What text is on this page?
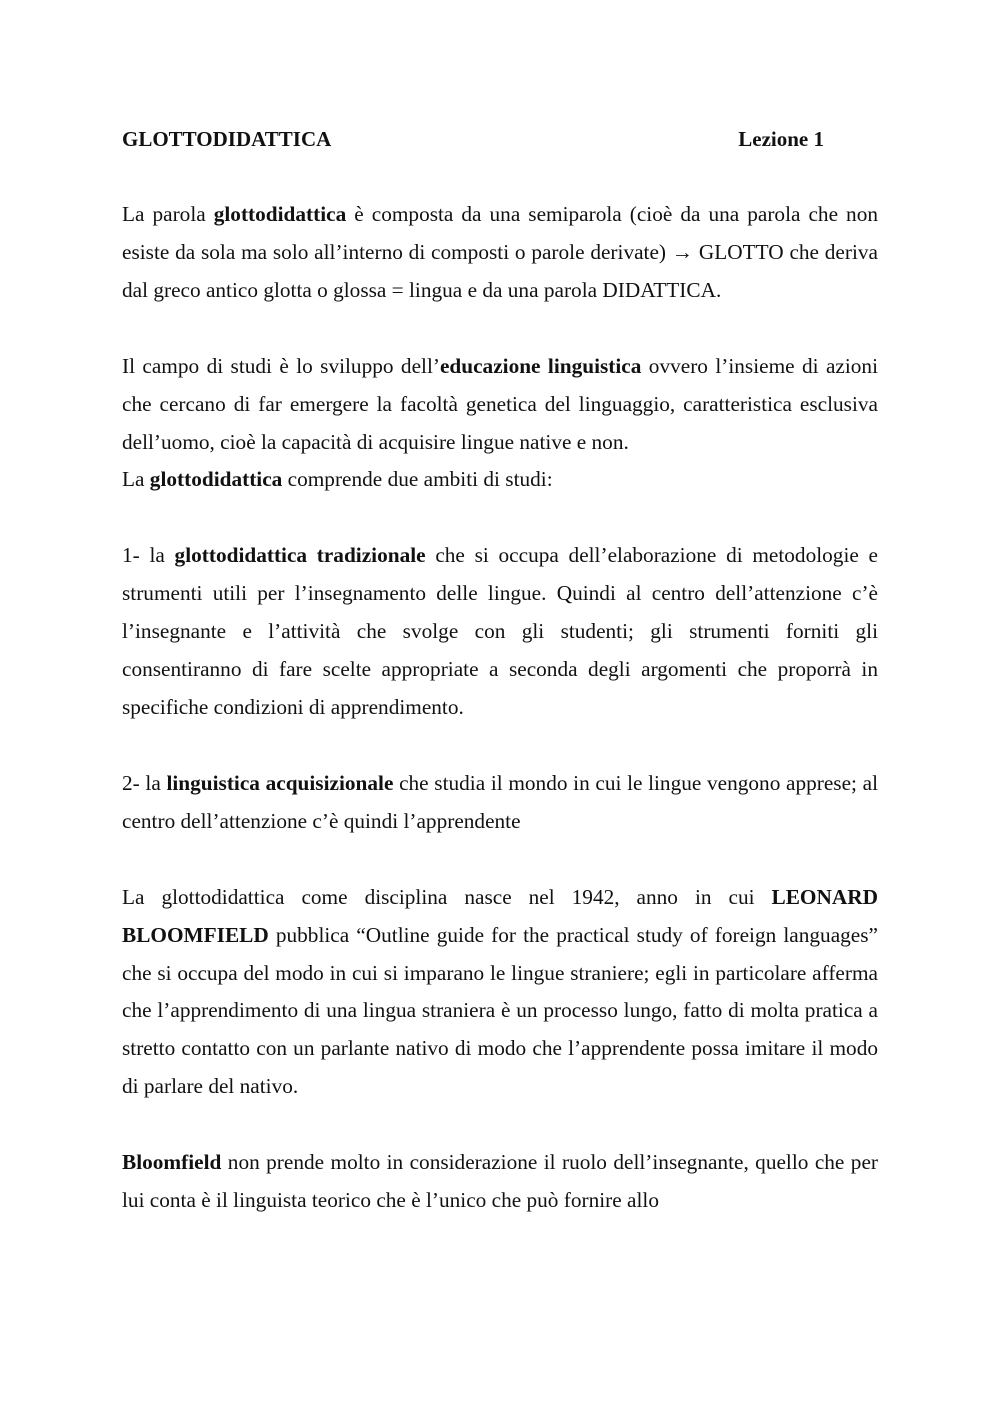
GLOTTODIDATTICA	Lezione 1

La parola glottodidattica è composta da una semiparola (cioè da una parola che non esiste da sola ma solo all’interno di composti o parole derivate) → GLOTTO che deriva dal greco antico glotta o glossa = lingua e da una parola DIDATTICA.

Il campo di studi è lo sviluppo dell’educazione linguistica ovvero l’insieme di azioni che cercano di far emergere la facoltà genetica del linguaggio, caratteristica esclusiva dell’uomo, cioè la capacità di acquisire lingue native e non.

La glottodidattica comprende due ambiti di studi:

1- la glottodidattica tradizionale che si occupa dell’elaborazione di metodologie e strumenti utili per l’insegnamento delle lingue. Quindi al centro dell’attenzione c’è l’insegnante e l’attività che svolge con gli studenti; gli strumenti forniti gli consentiranno di fare scelte appropriate a seconda degli argomenti che proporrà in specifiche condizioni di apprendimento.

2- la linguistica acquisizionale che studia il mondo in cui le lingue vengono apprese; al centro dell’attenzione c’è quindi l’apprendente

La glottodidattica come disciplina nasce nel 1942, anno in cui LEONARD BLOOMFIELD pubblica “Outline guide for the practical study of foreign languages” che si occupa del modo in cui si imparano le lingue straniere; egli in particolare afferma che l’apprendimento di una lingua straniera è un processo lungo, fatto di molta pratica a stretto contatto con un parlante nativo di modo che l’apprendente possa imitare il modo di parlare del nativo.

Bloomfield non prende molto in considerazione il ruolo dell’insegnante, quello che per lui conta è il linguista teorico che è l’unico che può fornire allo
